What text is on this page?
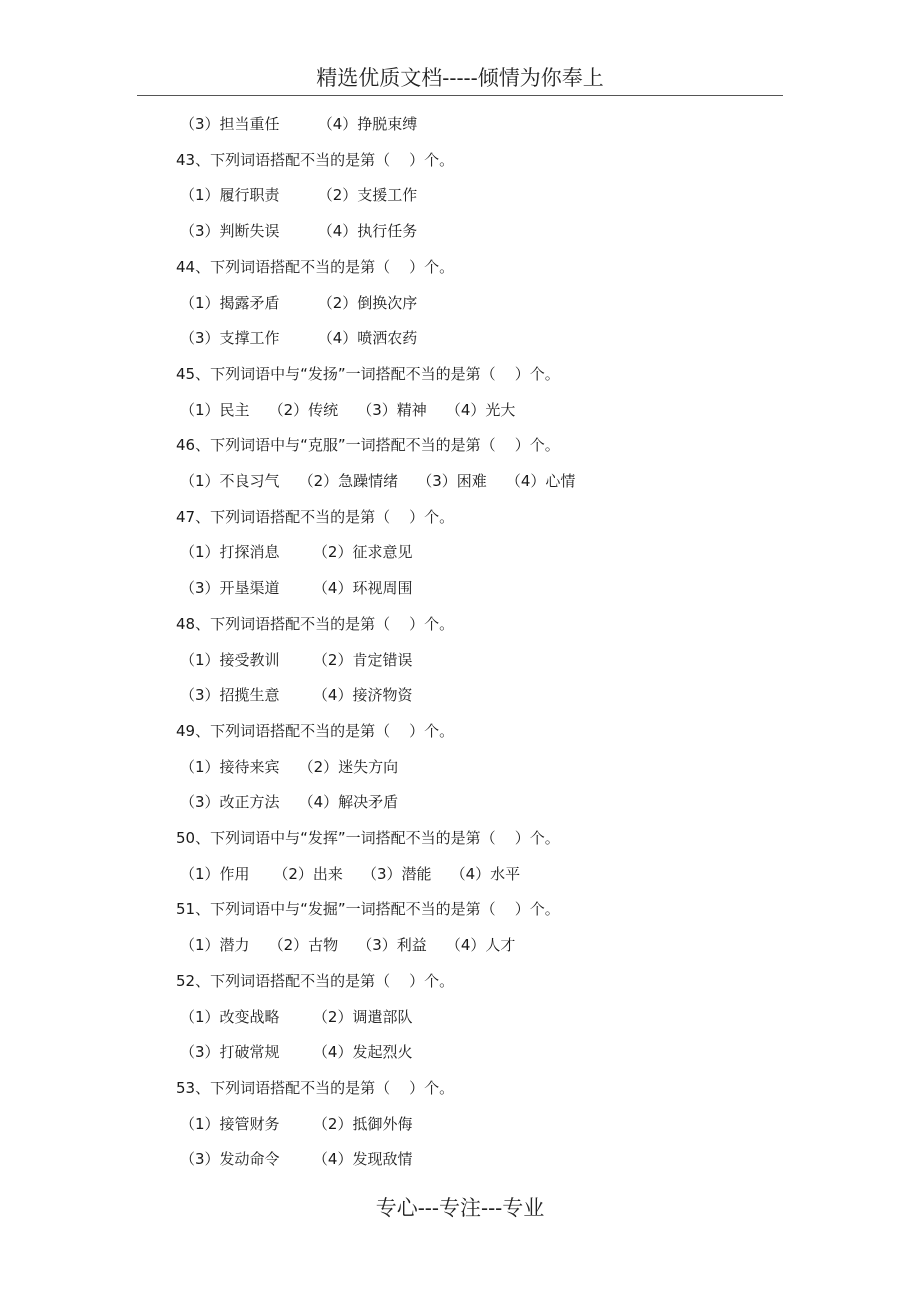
精选优质文档-----倾情为你奉上
（3）担当重任        （4）挣脱束缚
43、下列词语搭配不当的是第（    ）个。
（1）履行职责        （2）支援工作
（3）判断失误        （4）执行任务
44、下列词语搭配不当的是第（    ）个。
（1）揭露矛盾        （2）倒换次序
（3）支撑工作        （4）喷洒农药
45、下列词语中与“发扬”一词搭配不当的是第（    ）个。
（1）民主    （2）传统    （3）精神    （4）光大
46、下列词语中与“克服”一词搭配不当的是第（    ）个。
（1）不良习气    （2）急躁情绪    （3）困难    （4）心情
47、下列词语搭配不当的是第（    ）个。
（1）打探消息       （2）征求意见
（3）开垦渠道       （4）环视周围
48、下列词语搭配不当的是第（    ）个。
（1）接受教训       （2）肯定错误
（3）招揽生意       （4）接济物资
49、下列词语搭配不当的是第（    ）个。
（1）接待来宾    （2）迷失方向
（3）改正方法    （4）解决矛盾
50、下列词语中与“发挥”一词搭配不当的是第（    ）个。
（1）作用     （2）出来    （3）潜能    （4）水平
51、下列词语中与“发掘”一词搭配不当的是第（    ）个。
（1）潜力    （2）古物    （3）利益    （4）人才
52、下列词语搭配不当的是第（    ）个。
（1）改变战略       （2）调遣部队
（3）打破常规       （4）发起烈火
53、下列词语搭配不当的是第（    ）个。
（1）接管财务       （2）抵御外侮
（3）发动命令       （4）发现敌情
专心---专注---专业
